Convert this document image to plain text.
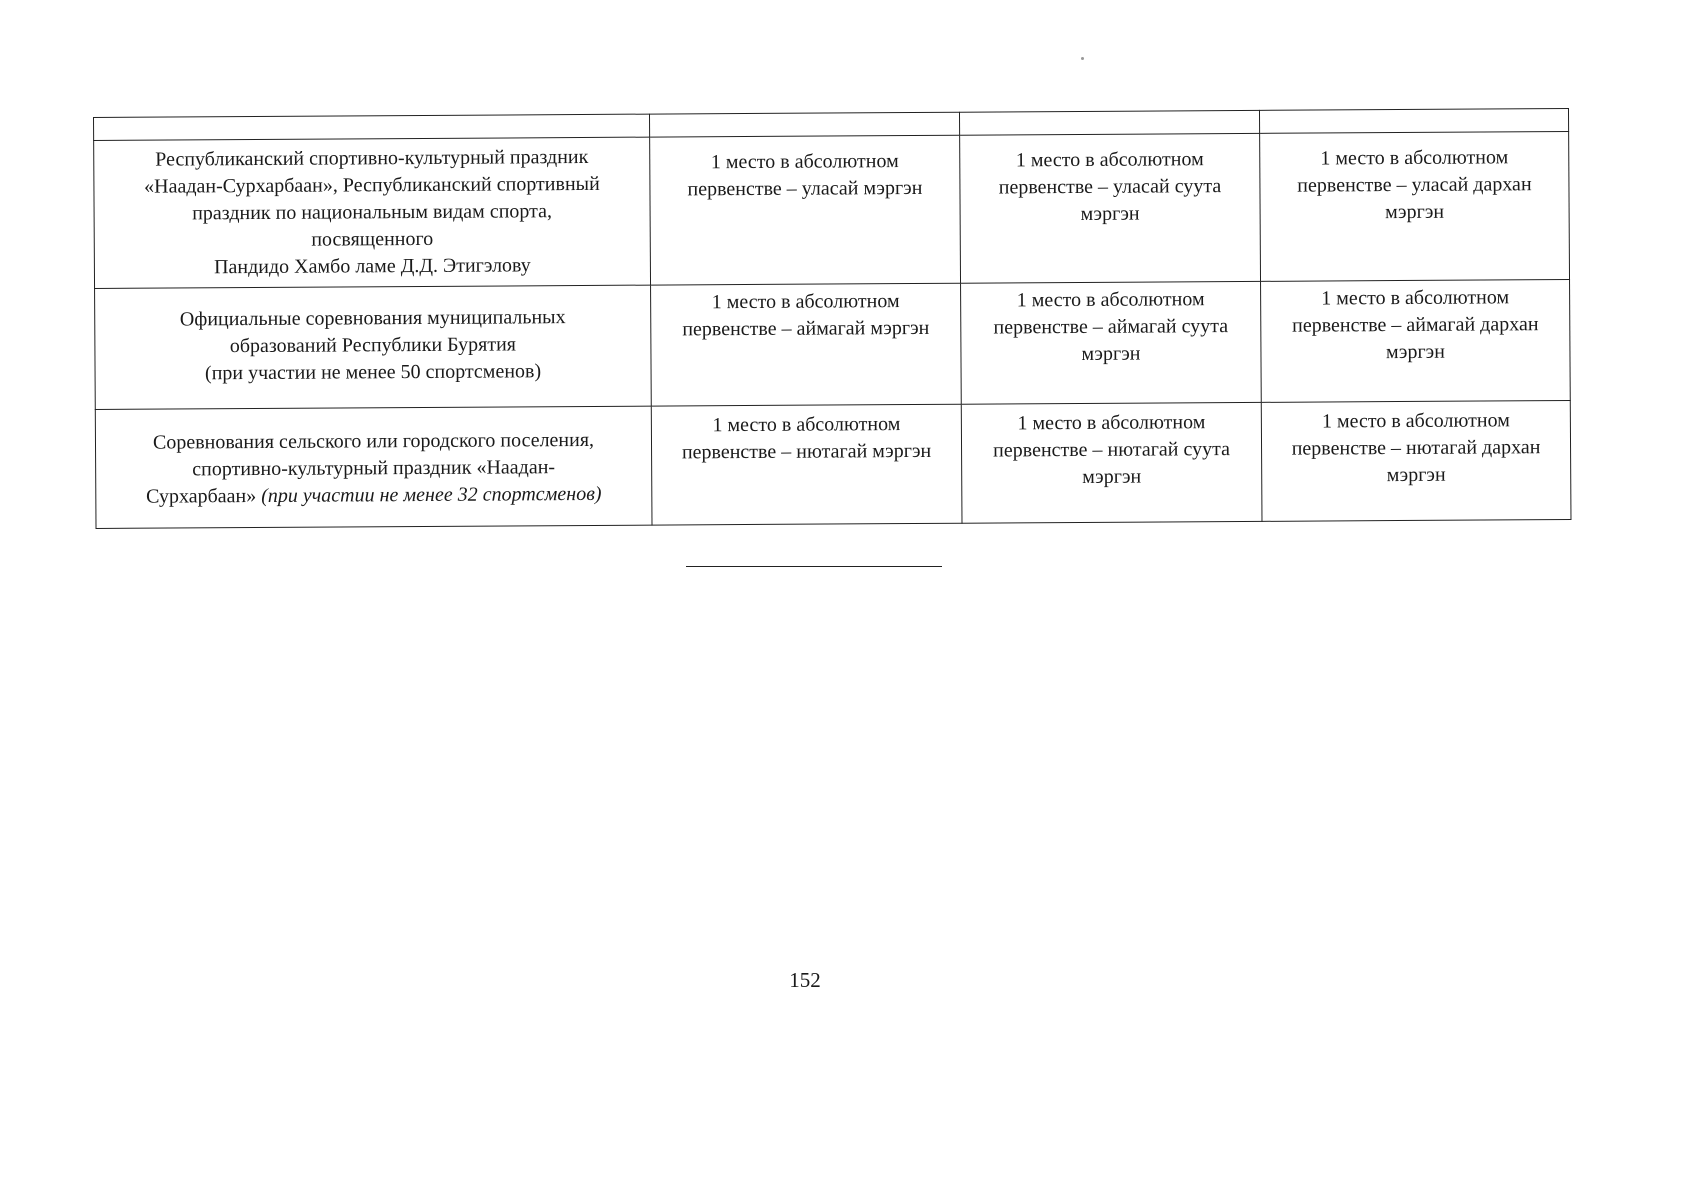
Республиканский спортивно-культурный праздник
«Наадан-Сурхарбаан», Республиканский спортивный
праздник по национальным видам спорта,
посвященного
Пандидо Хамбо ламе Д.Д. Этигэлову	1 место в абсолютном
первенстве – уласай мэргэн	1 место в абсолютном
первенстве – уласай суута
мэргэн	1 место в абсолютном
первенстве – уласай дархан
мэргэн
Официальные соревнования муниципальных
образований Республики Бурятия
(при участии не менее 50 спортсменов)	1 место в абсолютном
первенстве – аймагай мэргэн	1 место в абсолютном
первенстве – аймагай суута
мэргэн	1 место в абсолютном
первенстве – аймагай дархан
мэргэн
Соревнования сельского или городского поселения,
спортивно-культурный праздник «Наадан-
Сурхарбаан» (при участии не менее 32 спортсменов)	1 место в абсолютном
первенстве – нютагай мэргэн	1 место в абсолютном
первенстве – нютагай суута
мэргэн	1 место в абсолютном
первенстве – нютагай дархан
мэргэн
152
